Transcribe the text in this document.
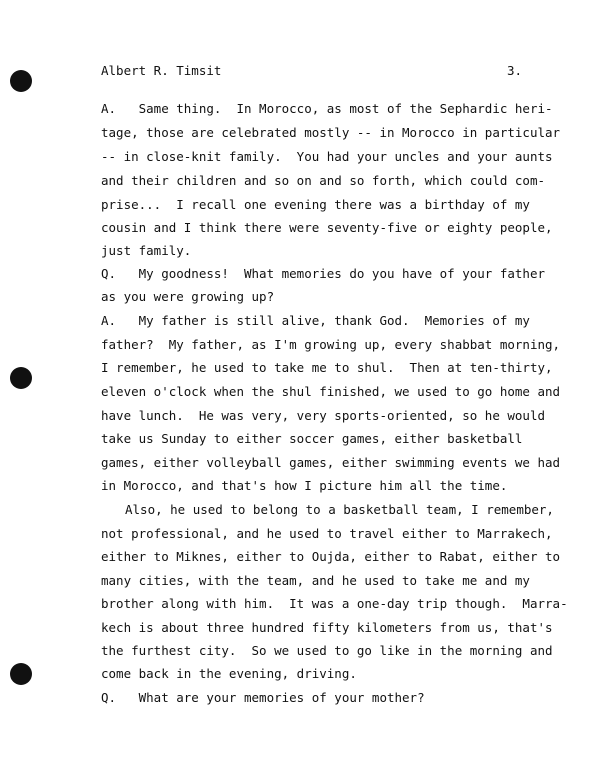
Albert R. Timsit	3.
A.   Same thing.  In Morocco, as most of the Sephardic heri-
tage, those are celebrated mostly -- in Morocco in particular
-- in close-knit family.  You had your uncles and your aunts
and their children and so on and so forth, which could com-
prise...  I recall one evening there was a birthday of my
cousin and I think there were seventy-five or eighty people,
just family.
Q.   My goodness!  What memories do you have of your father
as you were growing up?
A.   My father is still alive, thank God.  Memories of my
father?  My father, as I'm growing up, every shabbat morning,
I remember, he used to take me to shul.  Then at ten-thirty,
eleven o'clock when the shul finished, we used to go home and
have lunch.  He was very, very sports-oriented, so he would
take us Sunday to either soccer games, either basketball
games, either volleyball games, either swimming events we had
in Morocco, and that's how I picture him all the time.
Also, he used to belong to a basketball team, I remember,
not professional, and he used to travel either to Marrakech,
either to Miknes, either to Oujda, either to Rabat, either to
many cities, with the team, and he used to take me and my
brother along with him.  It was a one-day trip though.  Marra-
kech is about three hundred fifty kilometers from us, that's
the furthest city.  So we used to go like in the morning and
come back in the evening, driving.
Q.   What are your memories of your mother?
